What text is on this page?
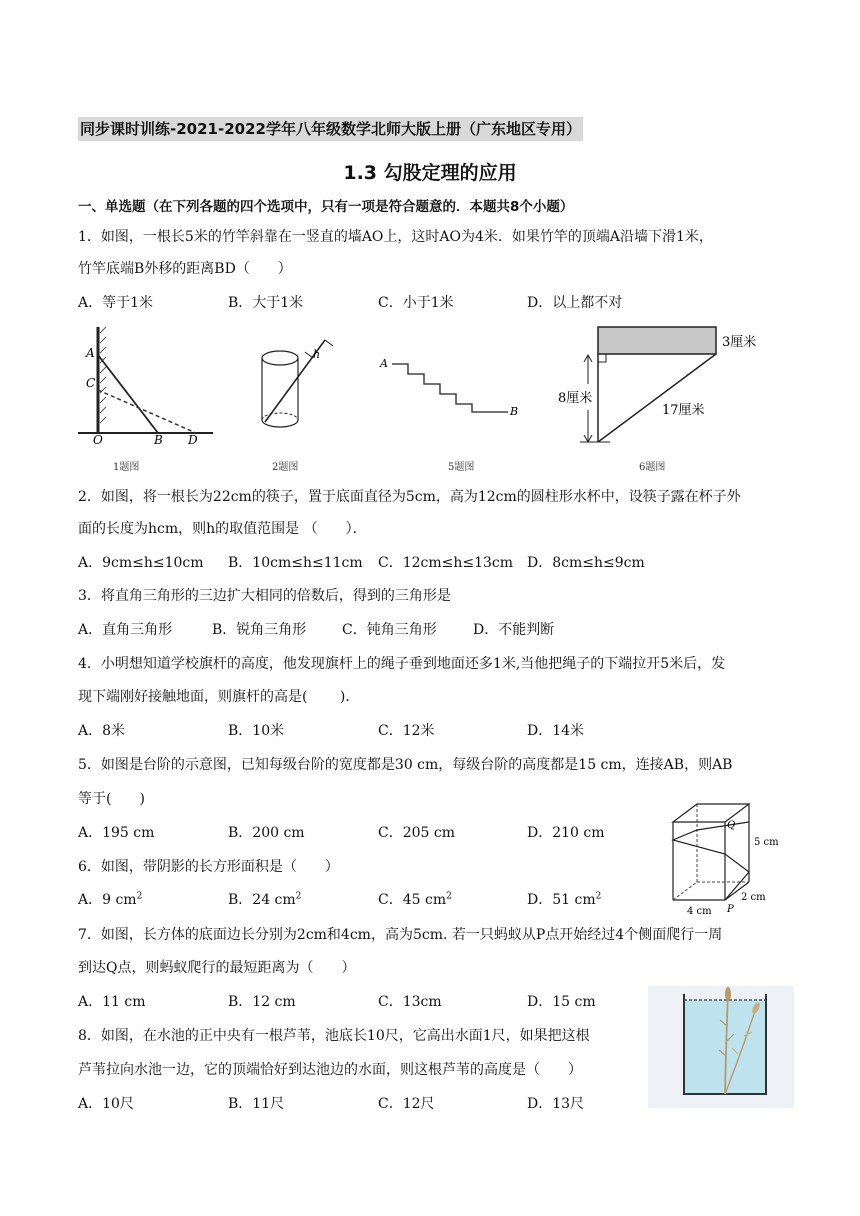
同步课时训练-2021-2022学年八年级数学北师大版上册（广东地区专用）
1.3 勾股定理的应用
一、单选题（在下列各题的四个选项中，只有一项是符合题意的．本题共8个小题）
1．如图，一根长5米的竹竿斜靠在一竖直的墙AO上，这时AO为4米．如果竹竿的顶端A沿墙下滑1米，
竹竿底端B外移的距离BD（　　）
A．等于1米	B．大于1米	C．小于1米	D．以上都不对
A
C
O	B D
1题图
h
2题图
A
B
5题图
3厘米
8厘米
17厘米
6题图
2．如图，将一根长为22cm的筷子，置于底面直径为5cm，高为12cm的圆柱形水杯中，设筷子露在杯子外
面的长度为hcm，则h的取值范围是 （　　）．
A．9cm≤h≤10cm B．10cm≤h≤11cm C．12cm≤h≤13cm D．8cm≤h≤9cm
3．将直角三角形的三边扩大相同的倍数后，得到的三角形是
A．直角三角形	B．锐角三角形	C．钝角三角形	D．不能判断
4．小明想知道学校旗杆的高度，他发现旗杆上的绳子垂到地面还多1米,当他把绳子的下端拉开5米后，发
现下端刚好接触地面，则旗杆的高是(　　 )．
A．8米	B．10米	C．12米	D．14米
5．如图是台阶的示意图，已知每级台阶的宽度都是30 cm，每级台阶的高度都是15 cm，连接AB，则AB
等于(　　)
A．195 cm	B．200 cm	C．205 cm	D．210 cm	Q
5 cm
2 cm
4 cm P
6．如图，带阴影的长方形面积是（　　）
A．9 $cm^2$	B．24 $cm^2$	C．45 $cm^2$	D．51 $cm^2$
7．如图，长方体的底面边长分别为2cm和4cm，高为5cm. 若一只蚂蚁从P点开始经过4个侧面爬行一周
到达Q点，则蚂蚁爬行的最短距离为（　　）
A．11 cm	B．12 cm	C．13cm	D．15 cm
8．如图，在水池的正中央有一根芦苇，池底长10尺，它高出水面1尺，如果把这根
芦苇拉向水池一边，它的顶端恰好到达池边的水面，则这根芦苇的高度是（　　）
A．10尺	B．11尺	C．12尺	D．13尺
